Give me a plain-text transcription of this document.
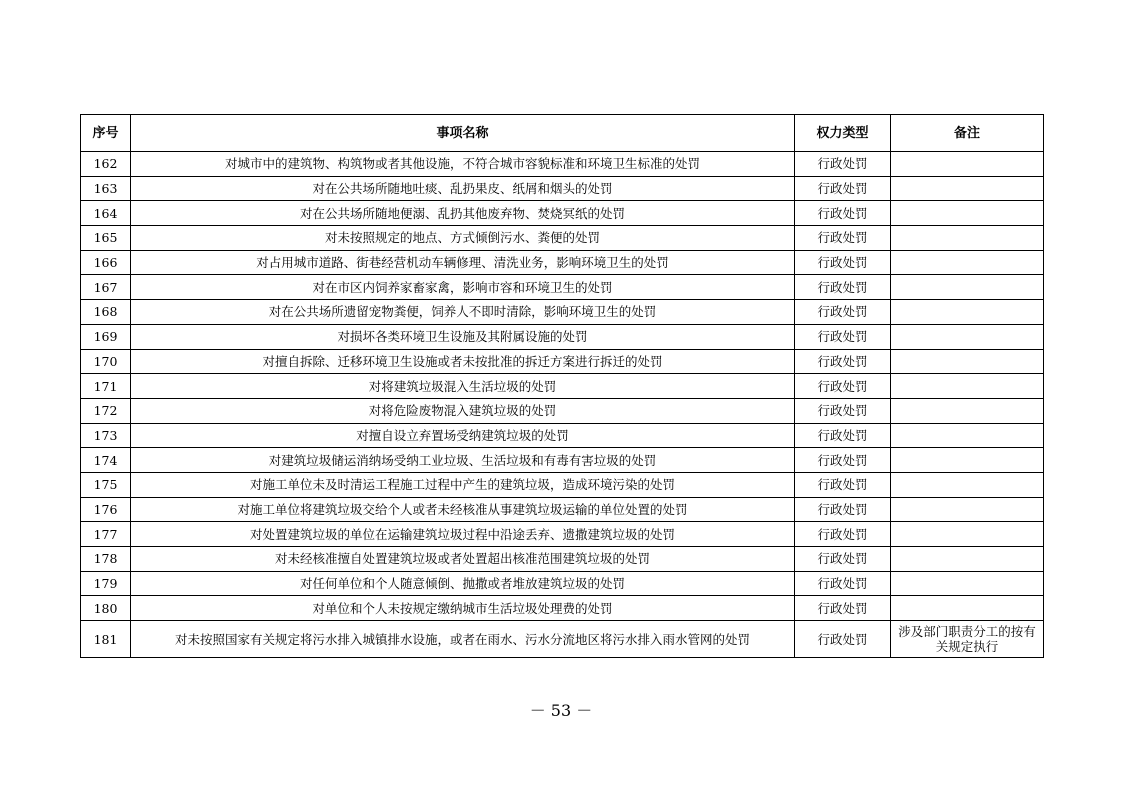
序号	事项名称	权力类型	备注
162	对城市中的建筑物、构筑物或者其他设施，不符合城市容貌标准和环境卫生标准的处罚	行政处罚	
163	对在公共场所随地吐痰、乱扔果皮、纸屑和烟头的处罚	行政处罚	
164	对在公共场所随地便溺、乱扔其他废弃物、焚烧冥纸的处罚	行政处罚	
165	对未按照规定的地点、方式倾倒污水、粪便的处罚	行政处罚	
166	对占用城市道路、街巷经营机动车辆修理、清洗业务，影响环境卫生的处罚	行政处罚	
167	对在市区内饲养家畜家禽，影响市容和环境卫生的处罚	行政处罚	
168	对在公共场所遗留宠物粪便，饲养人不即时清除，影响环境卫生的处罚	行政处罚	
169	对损坏各类环境卫生设施及其附属设施的处罚	行政处罚	
170	对擅自拆除、迁移环境卫生设施或者未按批准的拆迁方案进行拆迁的处罚	行政处罚	
171	对将建筑垃圾混入生活垃圾的处罚	行政处罚	
172	对将危险废物混入建筑垃圾的处罚	行政处罚	
173	对擅自设立弃置场受纳建筑垃圾的处罚	行政处罚	
174	对建筑垃圾储运消纳场受纳工业垃圾、生活垃圾和有毒有害垃圾的处罚	行政处罚	
175	对施工单位未及时清运工程施工过程中产生的建筑垃圾，造成环境污染的处罚	行政处罚	
176	对施工单位将建筑垃圾交给个人或者未经核准从事建筑垃圾运输的单位处置的处罚	行政处罚	
177	对处置建筑垃圾的单位在运输建筑垃圾过程中沿途丢弃、遗撒建筑垃圾的处罚	行政处罚	
178	对未经核准擅自处置建筑垃圾或者处置超出核准范围建筑垃圾的处罚	行政处罚	
179	对任何单位和个人随意倾倒、抛撒或者堆放建筑垃圾的处罚	行政处罚	
180	对单位和个人未按规定缴纳城市生活垃圾处理费的处罚	行政处罚	
181	对未按照国家有关规定将污水排入城镇排水设施，或者在雨水、污水分流地区将污水排入雨水管网的处罚	行政处罚	涉及部门职责分工的按有关规定执行
－ 53 －
